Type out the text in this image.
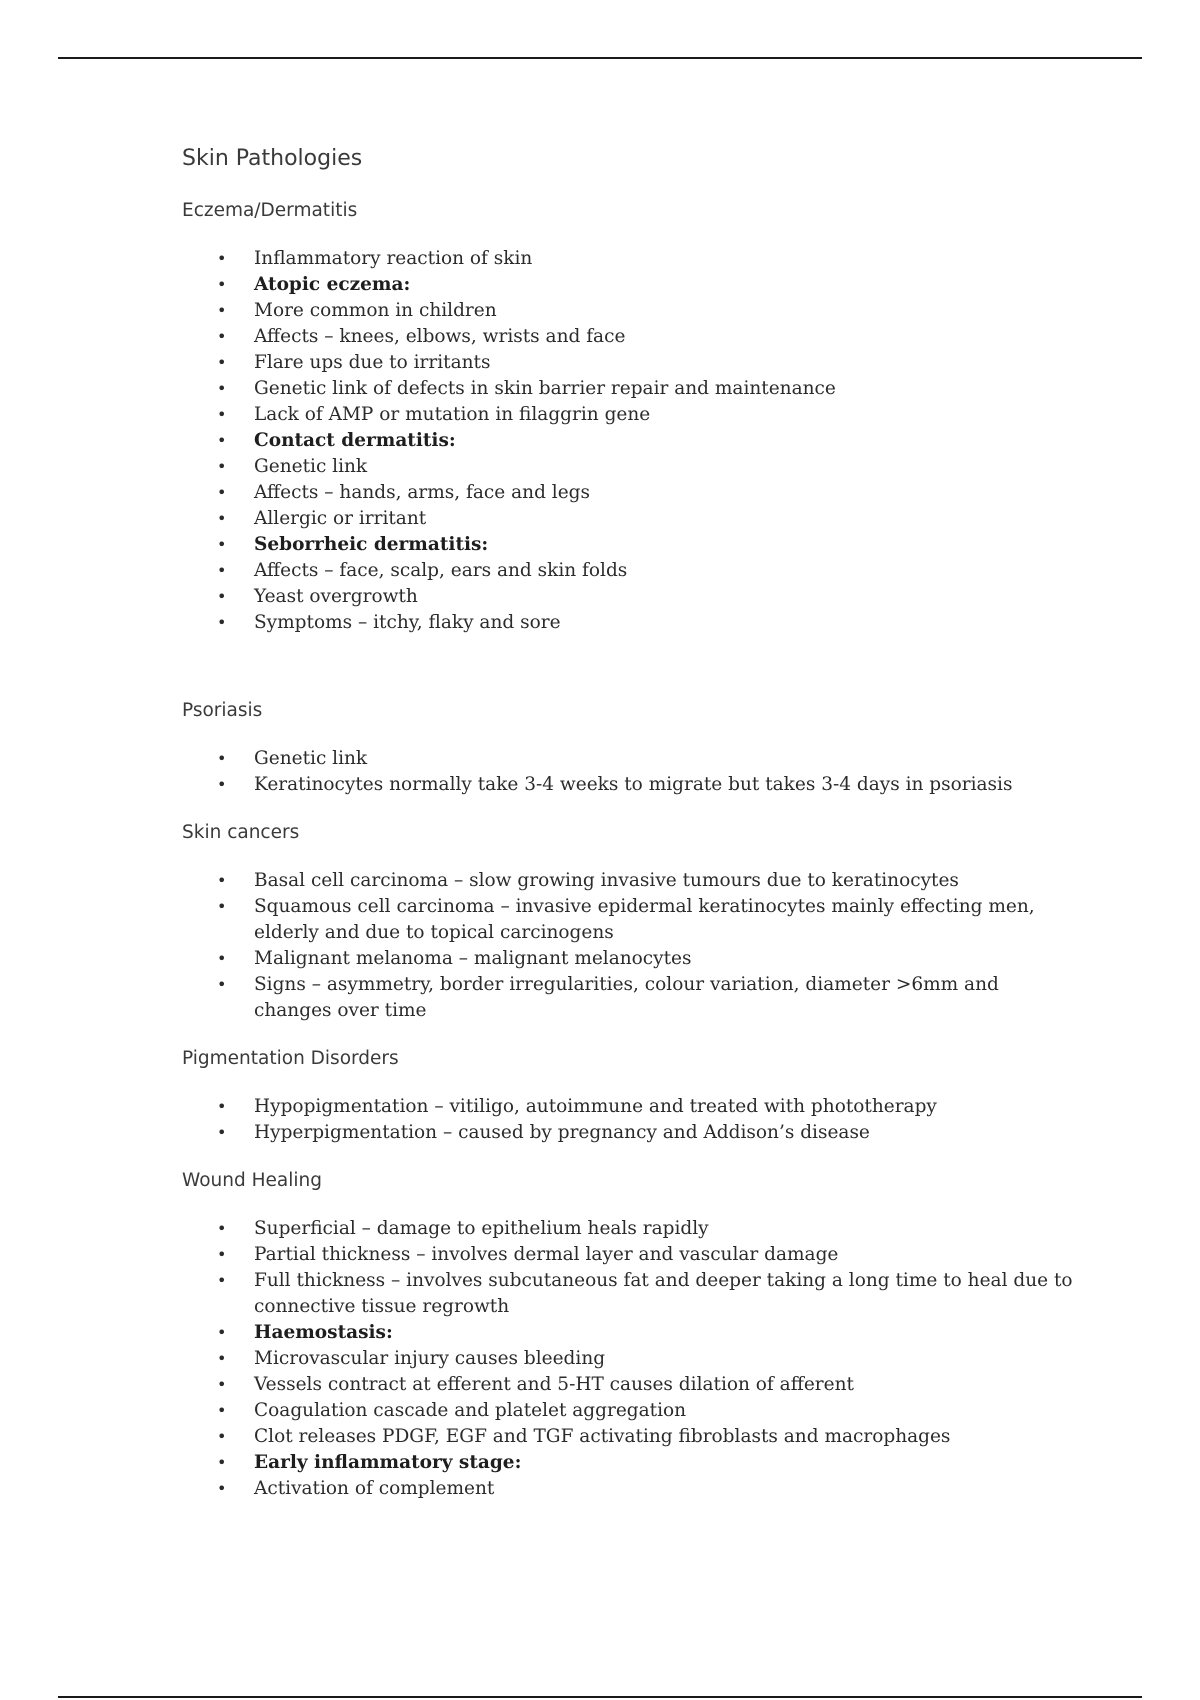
Skin Pathologies
Eczema/Dermatitis
• Inflammatory reaction of skin
• Atopic eczema:
• More common in children
• Affects – knees, elbows, wrists and face
• Flare ups due to irritants
• Genetic link of defects in skin barrier repair and maintenance
• Lack of AMP or mutation in filaggrin gene
• Contact dermatitis:
• Genetic link
• Affects – hands, arms, face and legs
• Allergic or irritant
• Seborrheic dermatitis:
• Affects – face, scalp, ears and skin folds
• Yeast overgrowth
• Symptoms – itchy, flaky and sore
Psoriasis
• Genetic link
• Keratinocytes normally take 3-4 weeks to migrate but takes 3-4 days in psoriasis
Skin cancers
• Basal cell carcinoma – slow growing invasive tumours due to keratinocytes
• Squamous cell carcinoma – invasive epidermal keratinocytes mainly effecting men, elderly and due to topical carcinogens
• Malignant melanoma – malignant melanocytes
• Signs – asymmetry, border irregularities, colour variation, diameter >6mm and changes over time
Pigmentation Disorders
• Hypopigmentation – vitiligo, autoimmune and treated with phototherapy
• Hyperpigmentation – caused by pregnancy and Addison’s disease
Wound Healing
• Superficial – damage to epithelium heals rapidly
• Partial thickness – involves dermal layer and vascular damage
• Full thickness – involves subcutaneous fat and deeper taking a long time to heal due to connective tissue regrowth
• Haemostasis:
• Microvascular injury causes bleeding
• Vessels contract at efferent and 5-HT causes dilation of afferent
• Coagulation cascade and platelet aggregation
• Clot releases PDGF, EGF and TGF activating fibroblasts and macrophages
• Early inflammatory stage:
• Activation of complement
